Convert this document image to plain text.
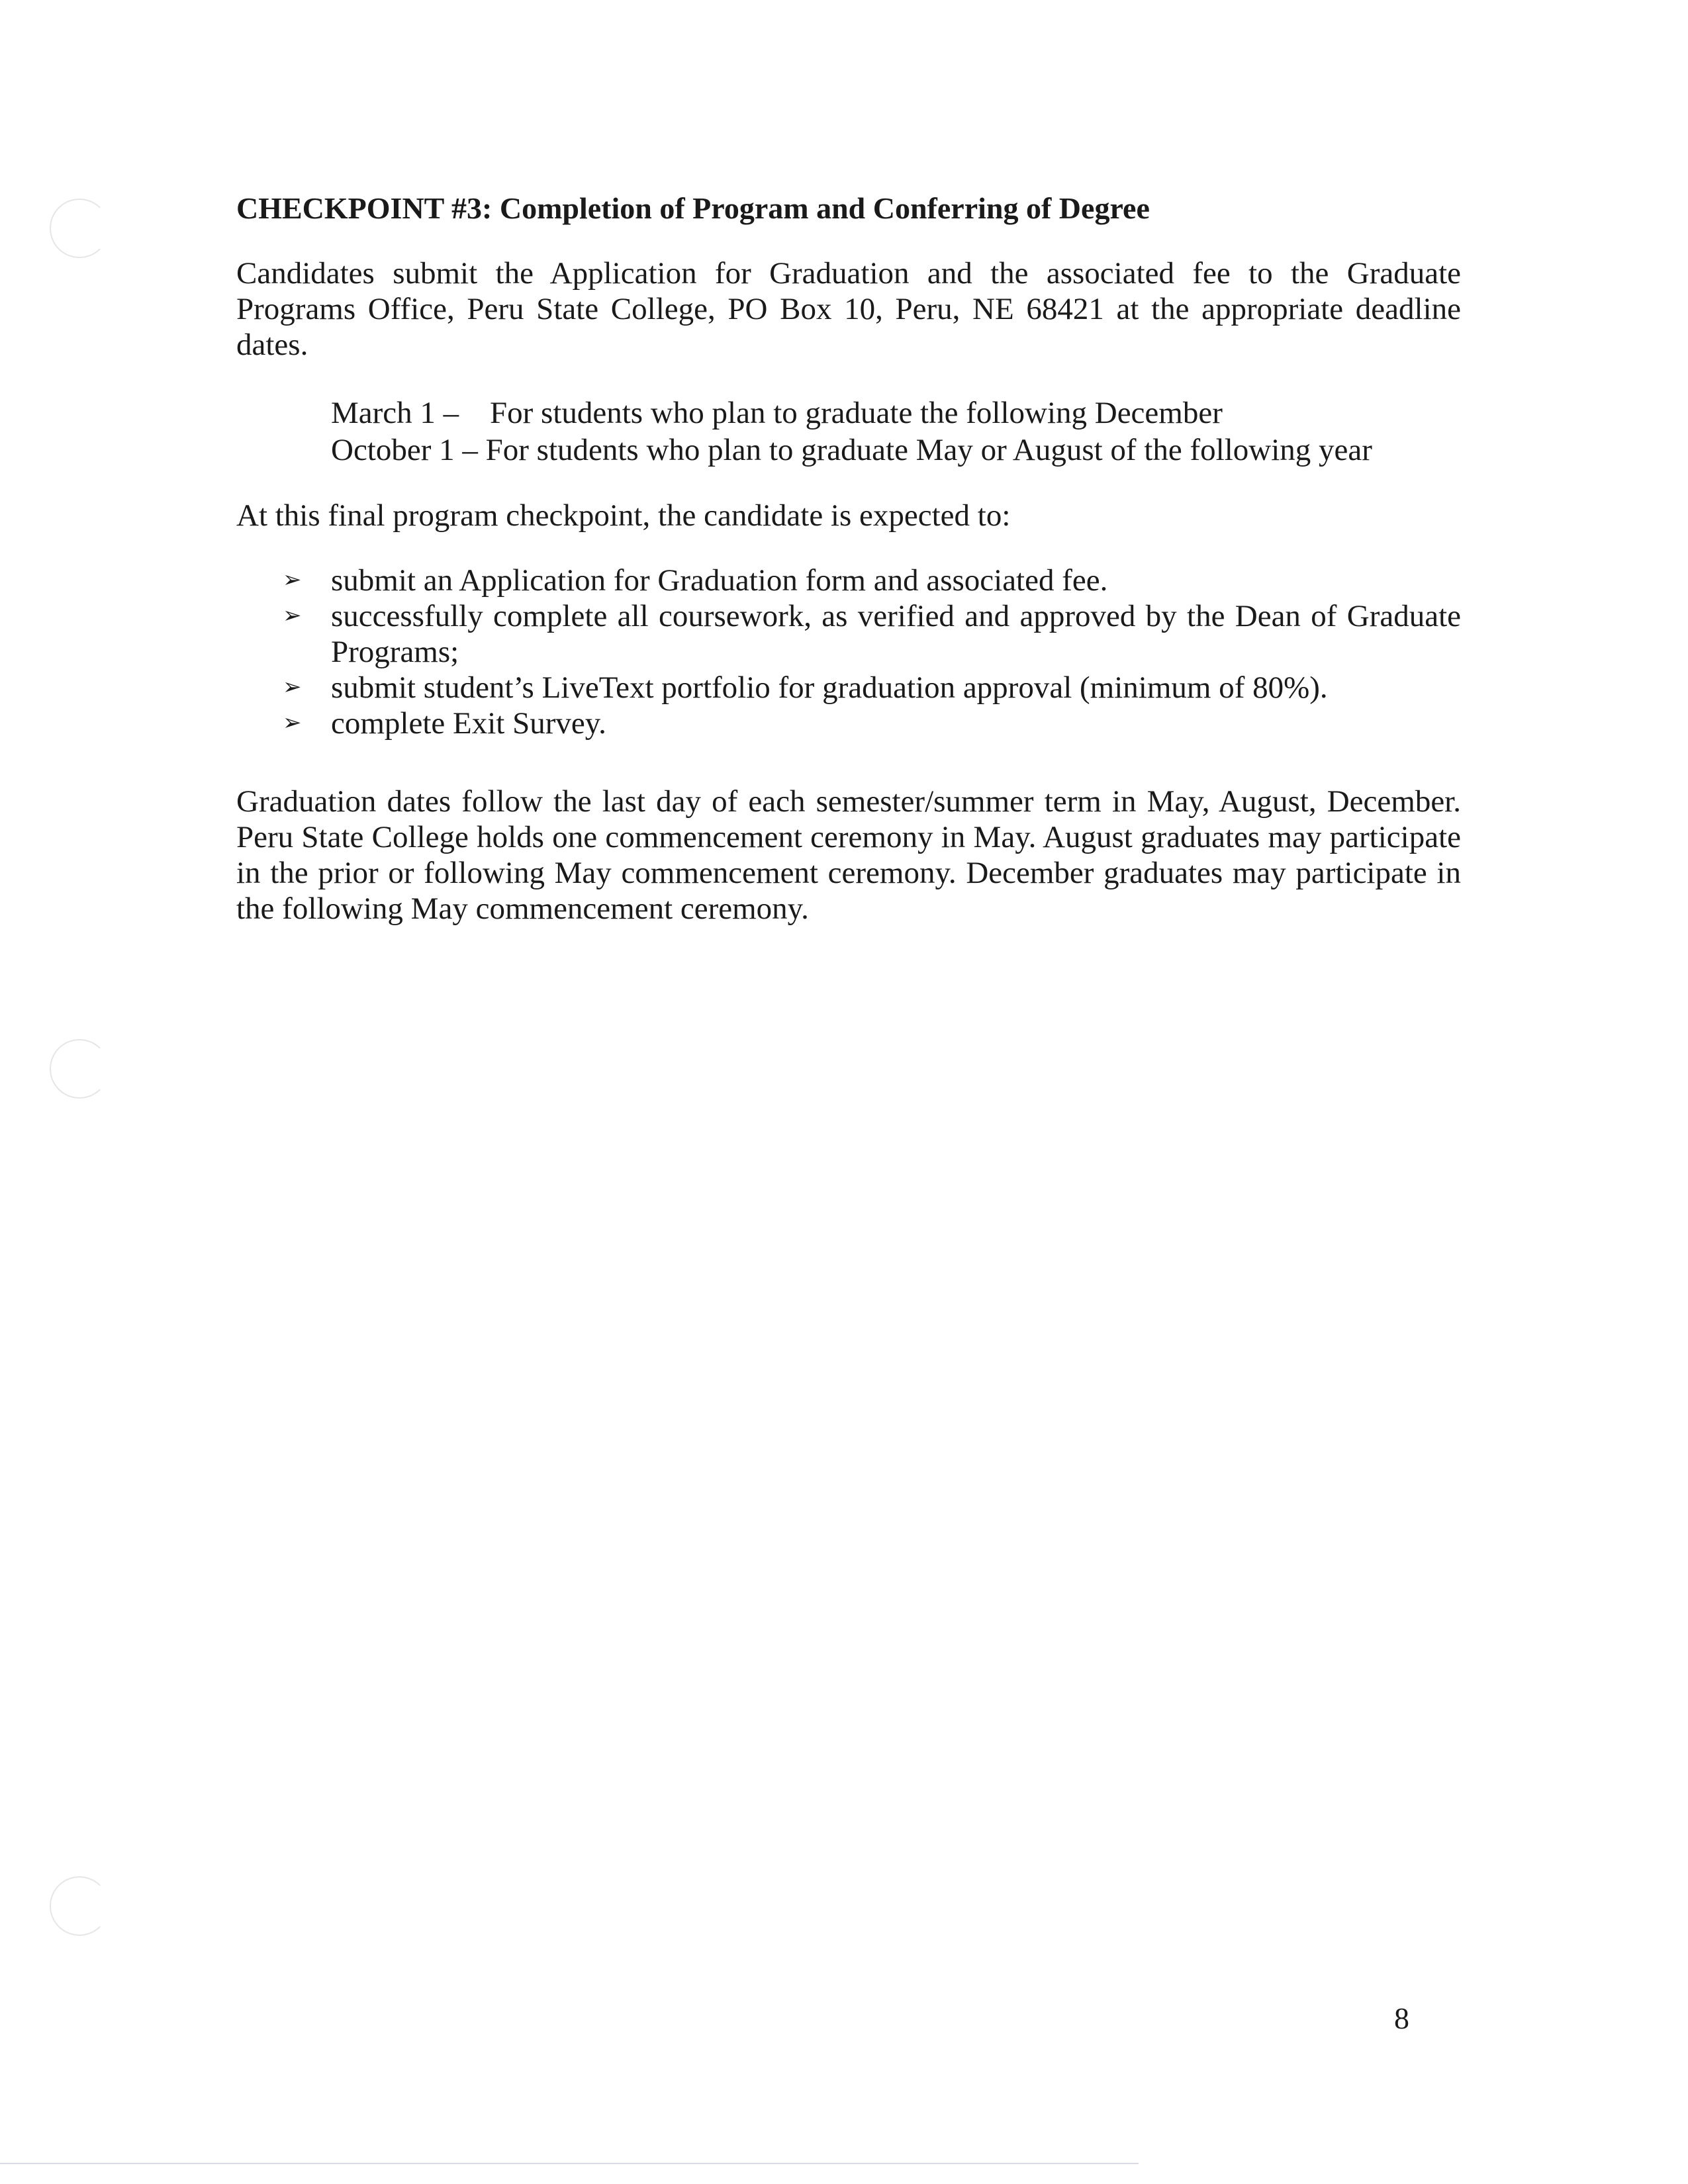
CHECKPOINT #3: Completion of Program and Conferring of Degree

Candidates submit the Application for Graduation and the associated fee to the Graduate Programs Office, Peru State College, PO Box 10, Peru, NE 68421 at the appropriate deadline dates.

March 1 – For students who plan to graduate the following December
October 1 – For students who plan to graduate May or August of the following year

At this final program checkpoint, the candidate is expected to:

➢ submit an Application for Graduation form and associated fee.
➢ successfully complete all coursework, as verified and approved by the Dean of Graduate Programs;
➢ submit student’s LiveText portfolio for graduation approval (minimum of 80%).
➢ complete Exit Survey.

Graduation dates follow the last day of each semester/summer term in May, August, December. Peru State College holds one commencement ceremony in May. August graduates may participate in the prior or following May commencement ceremony. December graduates may participate in the following May commencement ceremony.

8
